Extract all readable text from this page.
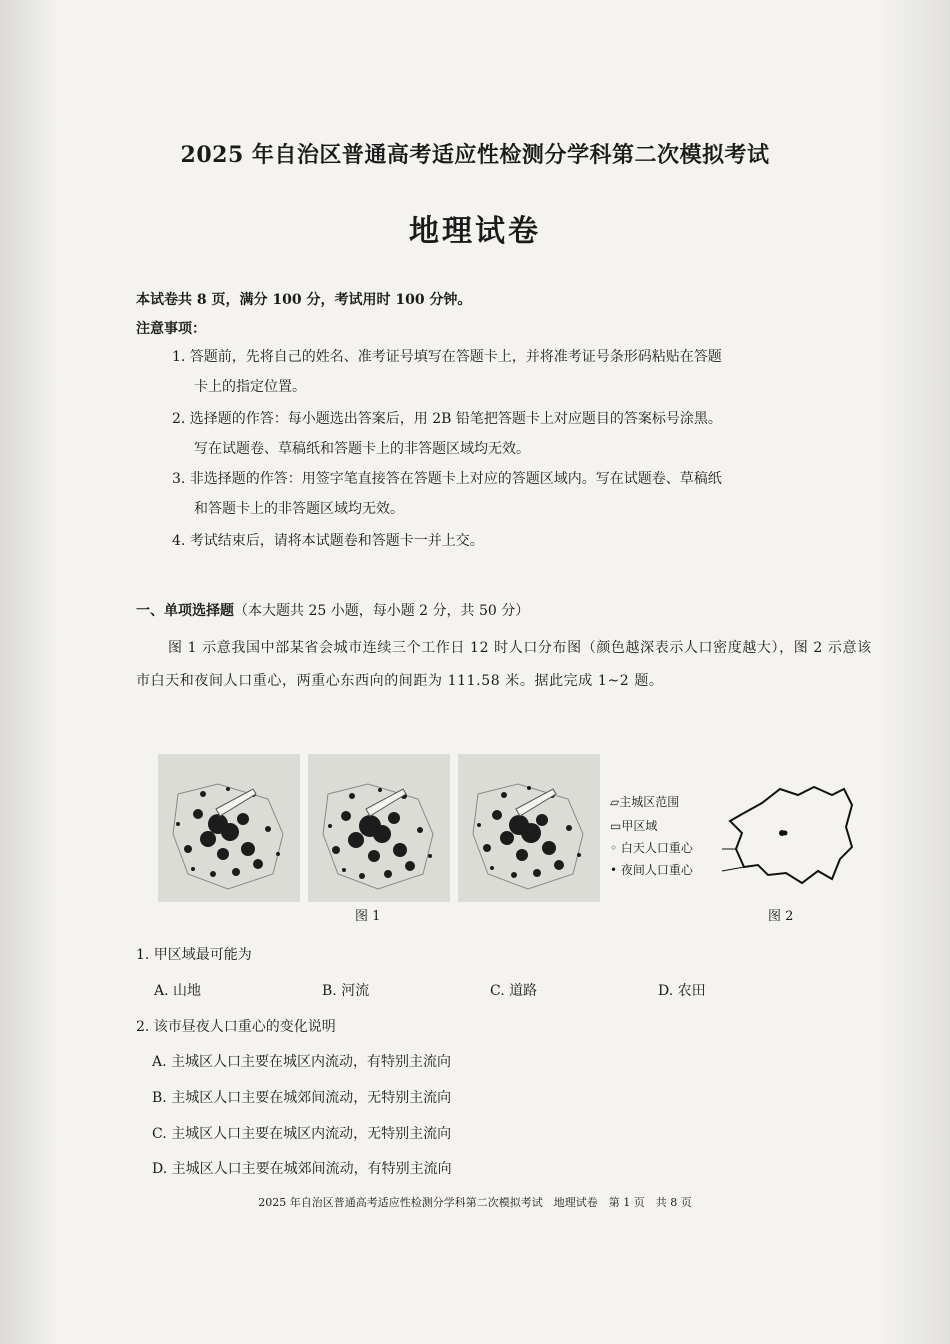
2025 年自治区普通高考适应性检测分学科第二次模拟考试
地理试卷
本试卷共 8 页，满分 100 分，考试用时 100 分钟。
注意事项：
1. 答题前，先将自己的姓名、准考证号填写在答题卡上，并将准考证号条形码粘贴在答题
卡上的指定位置。
2. 选择题的作答：每小题选出答案后，用 2B 铅笔把答题卡上对应题目的答案标号涂黑。
写在试题卷、草稿纸和答题卡上的非答题区域均无效。
3. 非选择题的作答：用签字笔直接答在答题卡上对应的答题区域内。写在试题卷、草稿纸
和答题卡上的非答题区域均无效。
4. 考试结束后，请将本试题卷和答题卡一并上交。
一、单项选择题（本大题共 25 小题，每小题 2 分，共 50 分）
图 1 示意我国中部某省会城市连续三个工作日 12 时人口分布图（颜色越深表示人口密度越大），图 2 示意该市白天和夜间人口重心，两重心东西向的间距为 111.58 米。据此完成 1~2 题。
图 1
▱主城区范围
▭甲区域
◦ 白天人口重心
• 夜间人口重心
图 2
1. 甲区域最可能为
A. 山地	B. 河流	C. 道路	D. 农田
2. 该市昼夜人口重心的变化说明
A. 主城区人口主要在城区内流动，有特别主流向
B. 主城区人口主要在城郊间流动，无特别主流向
C. 主城区人口主要在城区内流动，无特别主流向
D. 主城区人口主要在城郊间流动，有特别主流向
2025 年自治区普通高考适应性检测分学科第二次模拟考试　地理试卷　第 1 页　共 8 页
